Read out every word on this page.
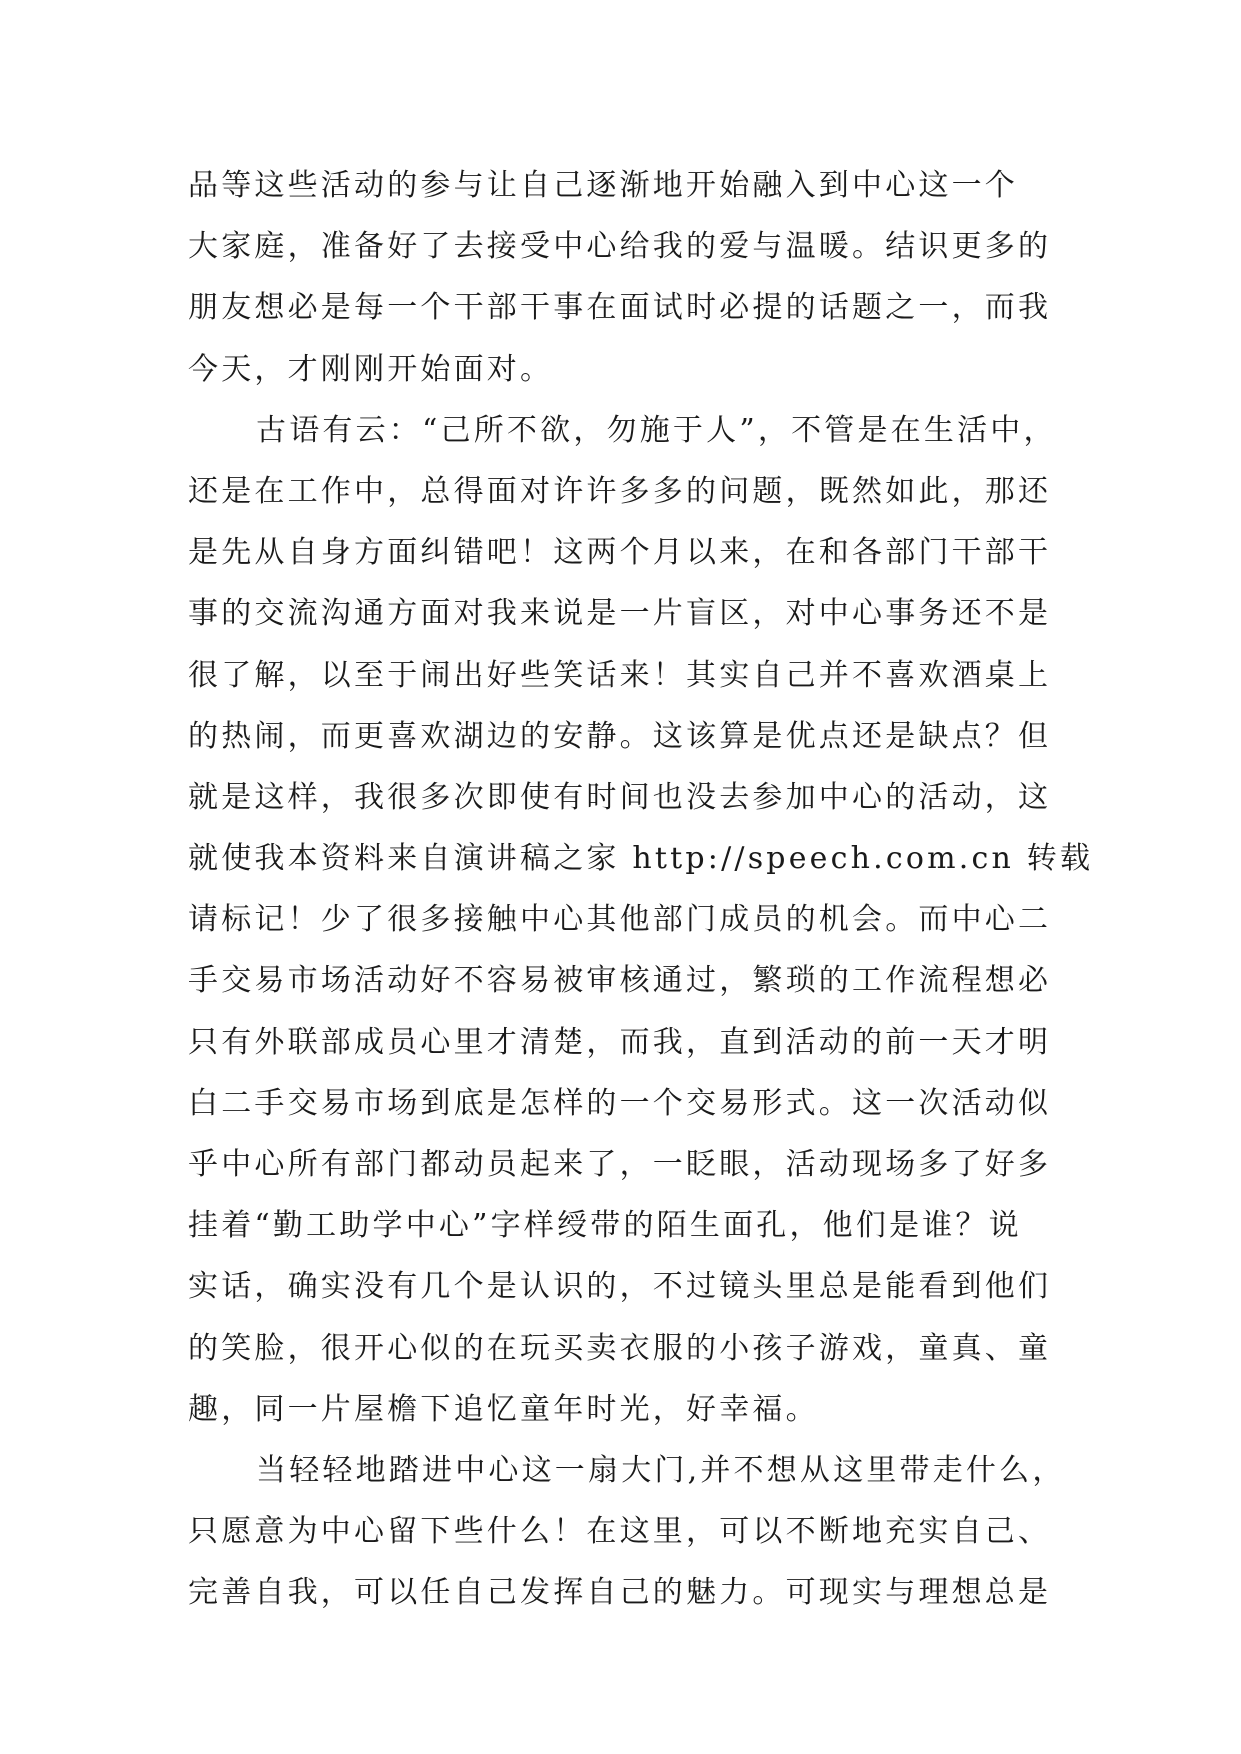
品等这些活动的参与让自己逐渐地开始融入到中心这一个
大家庭，准备好了去接受中心给我的爱与温暖。结识更多的
朋友想必是每一个干部干事在面试时必提的话题之一，而我
今天，才刚刚开始面对。
古语有云：“己所不欲，勿施于人”，不管是在生活中，
还是在工作中，总得面对许许多多的问题，既然如此，那还
是先从自身方面纠错吧！这两个月以来，在和各部门干部干
事的交流沟通方面对我来说是一片盲区，对中心事务还不是
很了解，以至于闹出好些笑话来！其实自己并不喜欢酒桌上
的热闹，而更喜欢湖边的安静。这该算是优点还是缺点？但
就是这样，我很多次即使有时间也没去参加中心的活动，这
就使我本资料来自演讲稿之家 http://speech.com.cn 转载
请标记！少了很多接触中心其他部门成员的机会。而中心二
手交易市场活动好不容易被审核通过，繁琐的工作流程想必
只有外联部成员心里才清楚，而我，直到活动的前一天才明
白二手交易市场到底是怎样的一个交易形式。这一次活动似
乎中心所有部门都动员起来了，一眨眼，活动现场多了好多
挂着“勤工助学中心”字样绶带的陌生面孔，他们是谁？说
实话，确实没有几个是认识的，不过镜头里总是能看到他们
的笑脸，很开心似的在玩买卖衣服的小孩子游戏，童真、童
趣，同一片屋檐下追忆童年时光，好幸福。
当轻轻地踏进中心这一扇大门,并不想从这里带走什么，
只愿意为中心留下些什么！在这里，可以不断地充实自己、
完善自我，可以任自己发挥自己的魅力。可现实与理想总是
